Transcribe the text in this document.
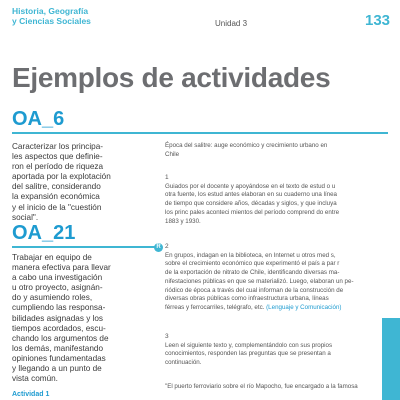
Historia, Geografía
y Ciencias Sociales	Unidad 3	133
Ejemplos de actividades
OA_6
Caracterizar los principa-
les aspectos que definie-
ron el período de riqueza
aportada por la explotación
del salitre, considerando
la expansión económica
y el inicio de la "cuestión
social".
OA_21
Trabajar en equipo de
manera efectiva para llevar
a cabo una investigación
u otro proyecto, asignán-
do y asumiendo roles,
cumpliendo las responsa-
bilidades asignadas y los
tiempos acordados, escu-
chando los argumentos de
los demás, manifestando
opiniones fundamentadas
y llegando a un punto de
vista común.
Actividad 1
Época del salitre: auge económico y crecimiento urbano en
Chile
1
Guiados por el docente y apoyándose en el texto de estud o u
otra fuente, los estud antes elaboran en su cuaderno una línea
de tiempo que considere años, décadas y siglos, y que incluya
los princ pales aconteci mientos del período comprend do entre
1883 y 1930.
R 2
En grupos, indagan en la biblioteca, en Internet u otros med s,
sobre el crecimiento económico que experimentó el país a par r
de la exportación de nitrato de Chile, identificando diversas ma-
nifestaciones públicas en que se materializó. Luego, elaboran un pe-
riódico de época a través del cual informan de la construcción de
diversas obras públicas como infraestructura urbana, líneas
férreas y ferrocarriles, telégrafo, etc. (Lenguaje y Comunicación)
3
Leen el siguiente texto y, complementándolo con sus propios
conocimientos, responden las preguntas que se presentan a
continuación.
"El puerto ferroviario sobre el río Mapocho, fue encargado a la famosa
